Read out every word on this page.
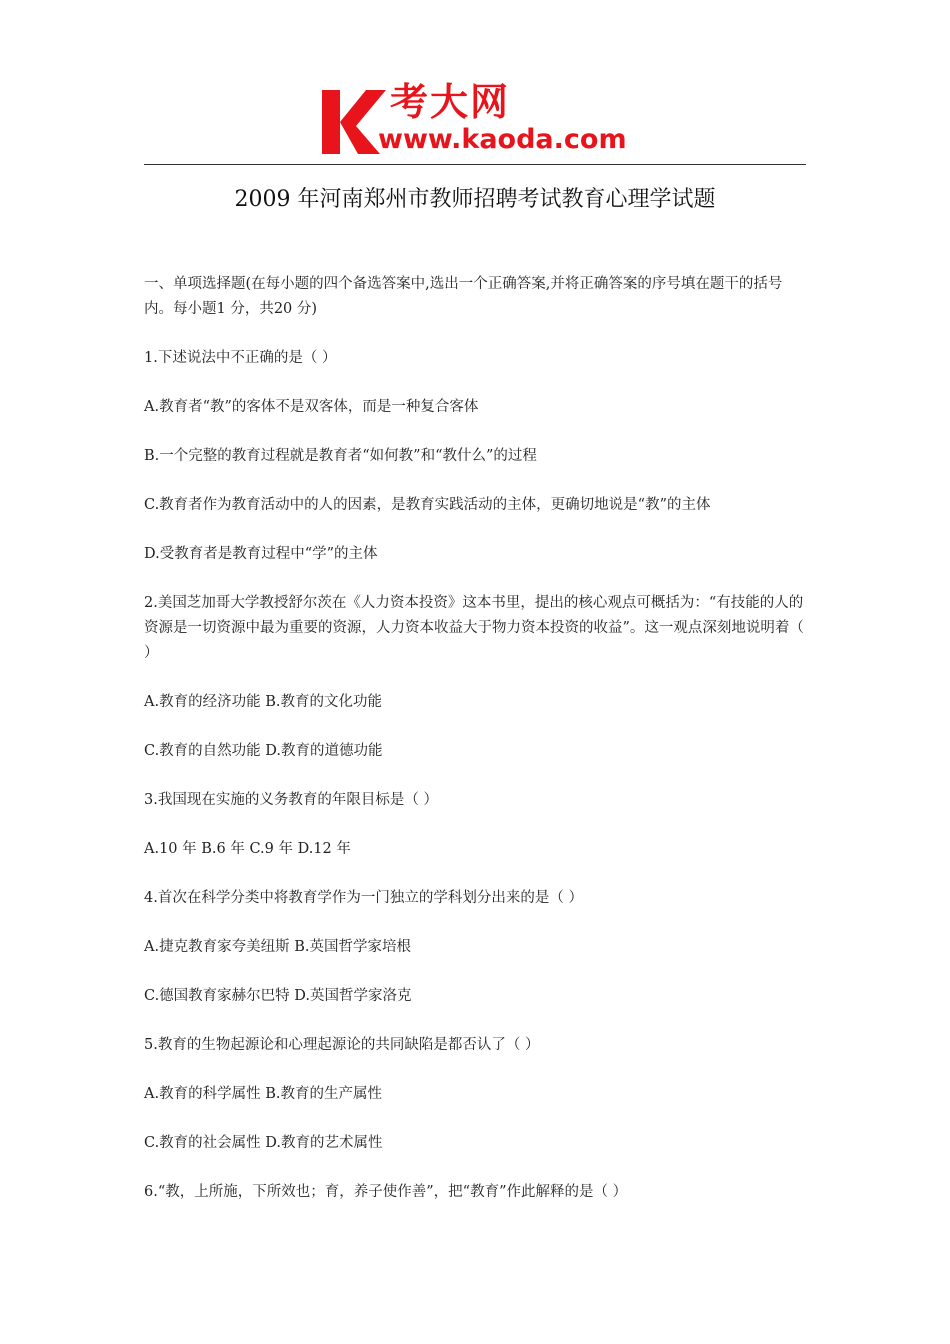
考大网
www.kaoda.com
2009 年河南郑州市教师招聘考试教育心理学试题

一、单项选择题(在每小题的四个备选答案中,选出一个正确答案,并将正确答案的序号填在题干的括号内。每小题1 分，共20 分)

1.下述说法中不正确的是（ ）

A.教育者“教”的客体不是双客体，而是一种复合客体

B.一个完整的教育过程就是教育者“如何教”和“教什么”的过程

C.教育者作为教育活动中的人的因素，是教育实践活动的主体，更确切地说是“教”的主体

D.受教育者是教育过程中“学”的主体

2.美国芝加哥大学教授舒尔茨在《人力资本投资》这本书里，提出的核心观点可概括为：“有技能的人的资源是一切资源中最为重要的资源，人力资本收益大于物力资本投资的收益”。这一观点深刻地说明着（ ）

A.教育的经济功能 B.教育的文化功能

C.教育的自然功能 D.教育的道德功能

3.我国现在实施的义务教育的年限目标是（ ）

A.10 年 B.6 年 C.9 年 D.12 年

4.首次在科学分类中将教育学作为一门独立的学科划分出来的是（ ）

A.捷克教育家夸美纽斯 B.英国哲学家培根

C.德国教育家赫尔巴特 D.英国哲学家洛克

5.教育的生物起源论和心理起源论的共同缺陷是都否认了（ ）

A.教育的科学属性 B.教育的生产属性

C.教育的社会属性 D.教育的艺术属性

6.“教，上所施，下所效也；育，养子使作善”，把“教育”作此解释的是（ ）
